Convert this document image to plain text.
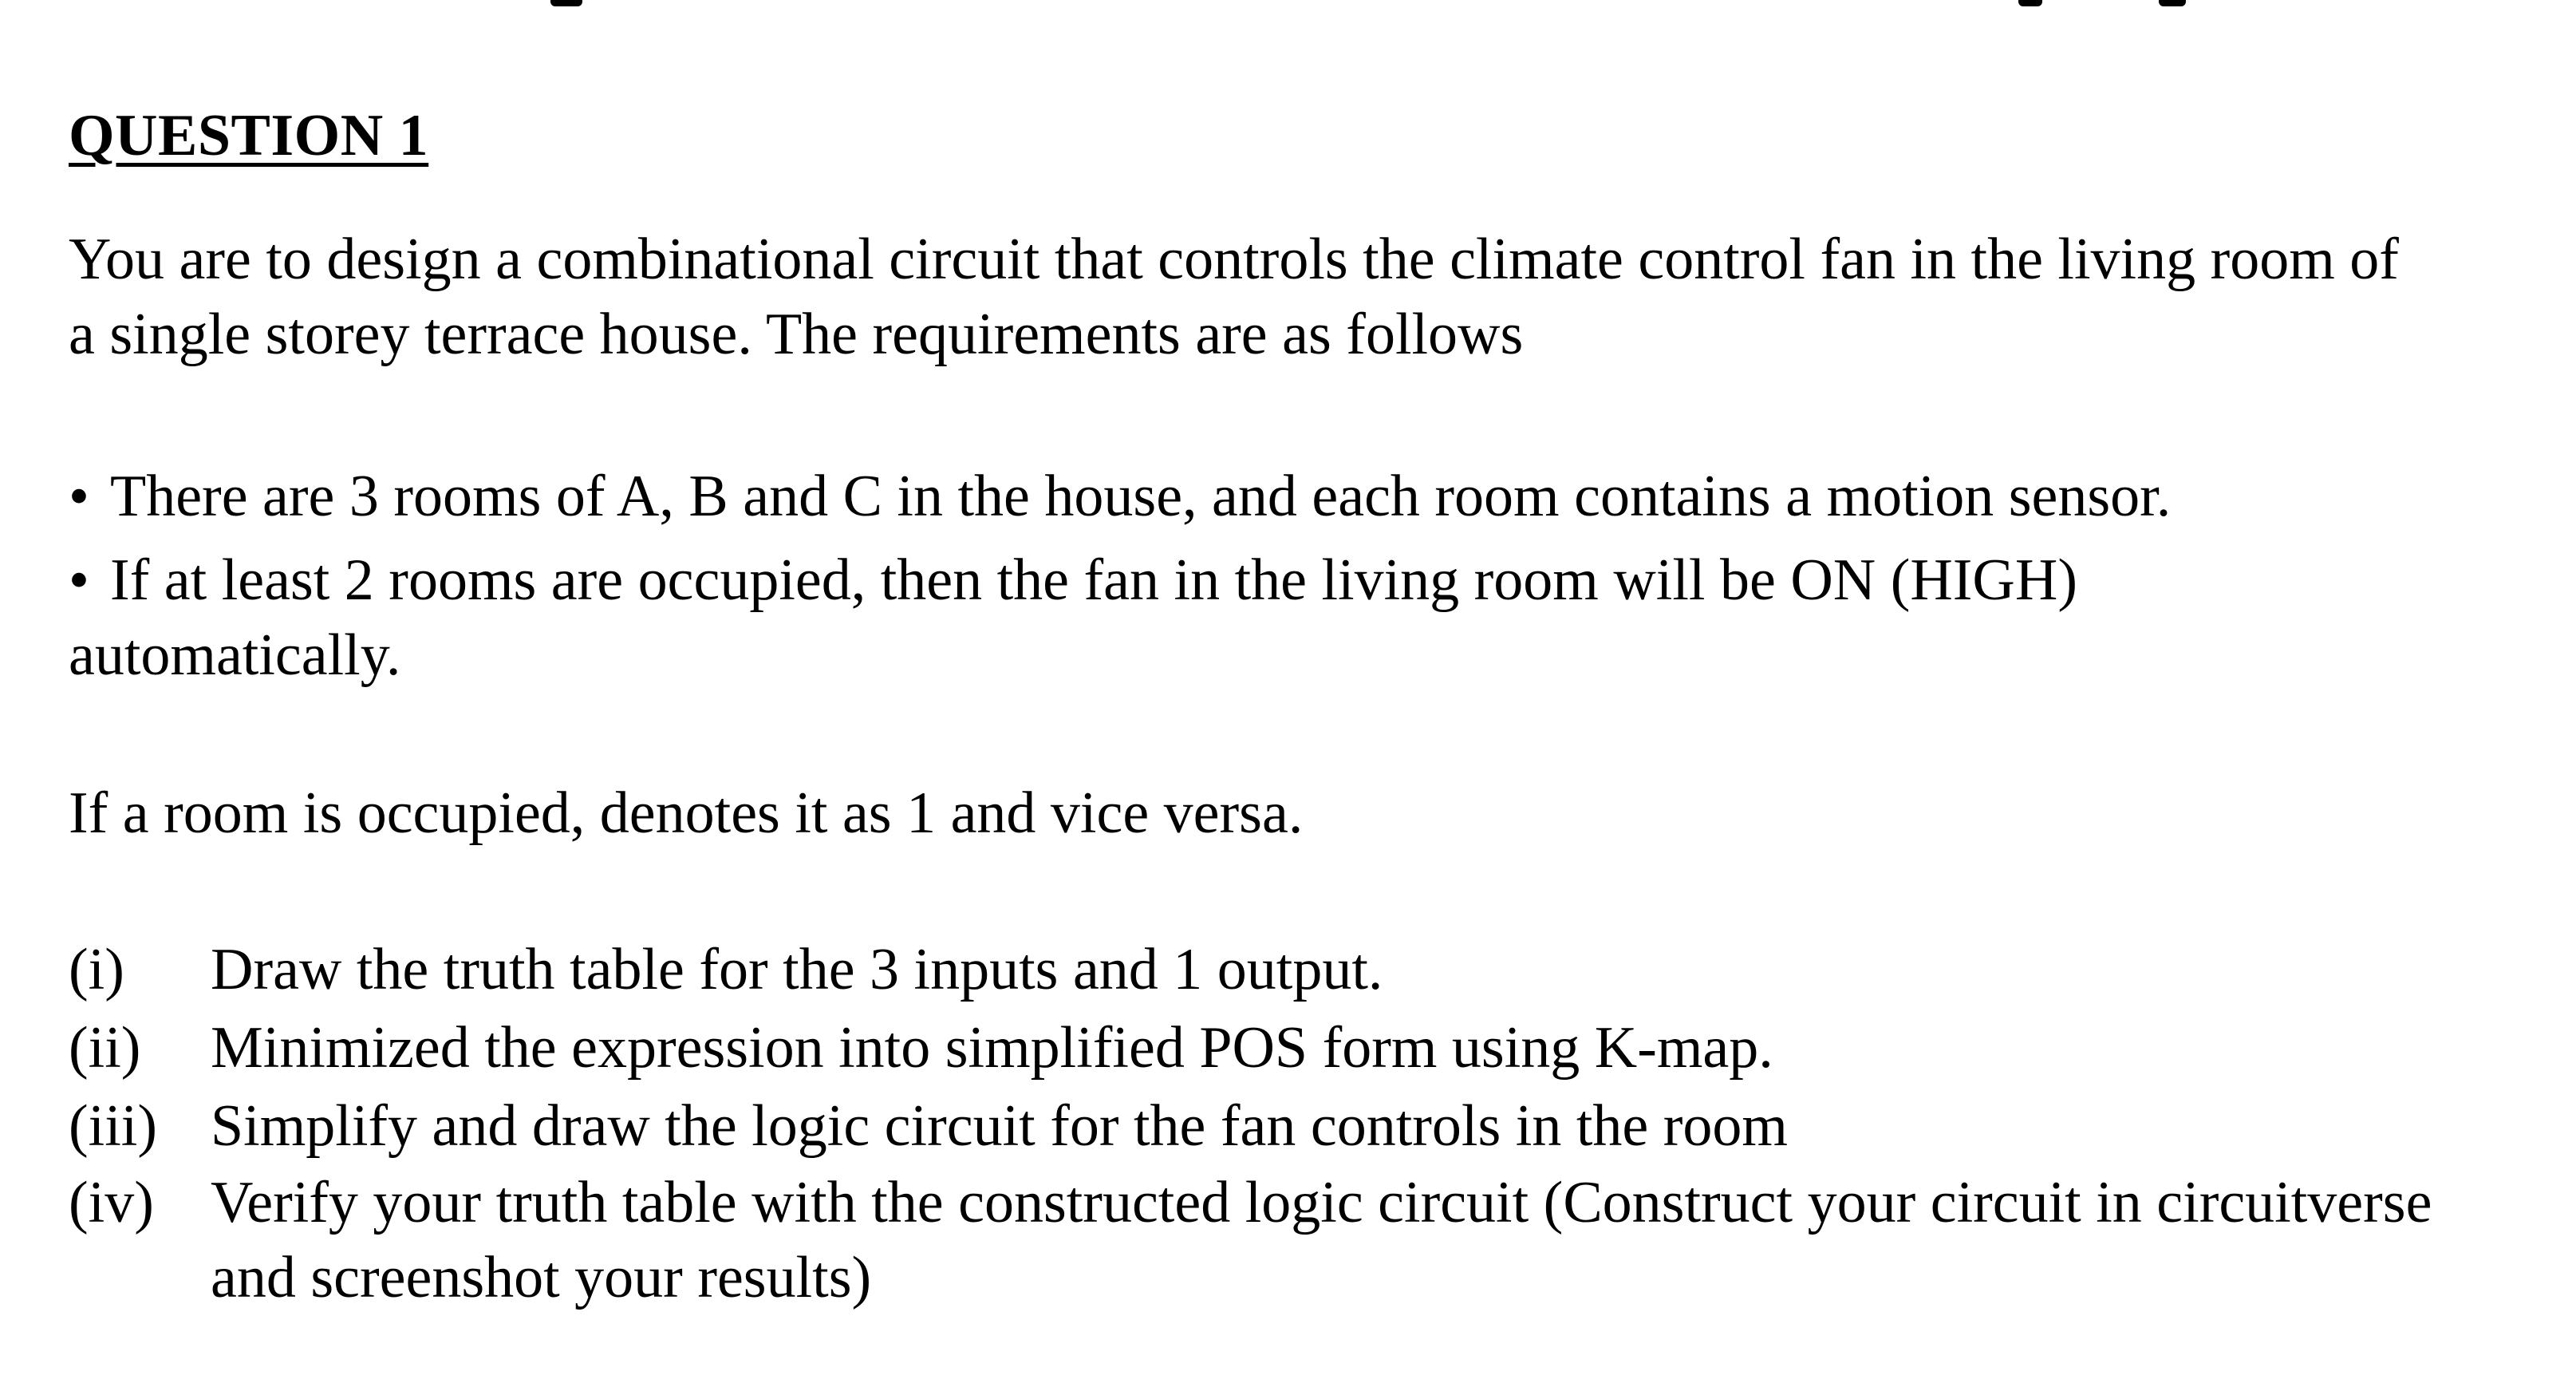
QUESTION 1
You are to design a combinational circuit that controls the climate control fan in the living room of
a single storey terrace house. The requirements are as follows
• There are 3 rooms of A, B and C in the house, and each room contains a motion sensor.
• If at least 2 rooms are occupied, then the fan in the living room will be ON (HIGH)
automatically.
If a room is occupied, denotes it as 1 and vice versa.
(i) Draw the truth table for the 3 inputs and 1 output.
(ii) Minimized the expression into simplified POS form using K-map.
(iii) Simplify and draw the logic circuit for the fan controls in the room
(iv) Verify your truth table with the constructed logic circuit (Construct your circuit in circuitverse
and screenshot your results)
